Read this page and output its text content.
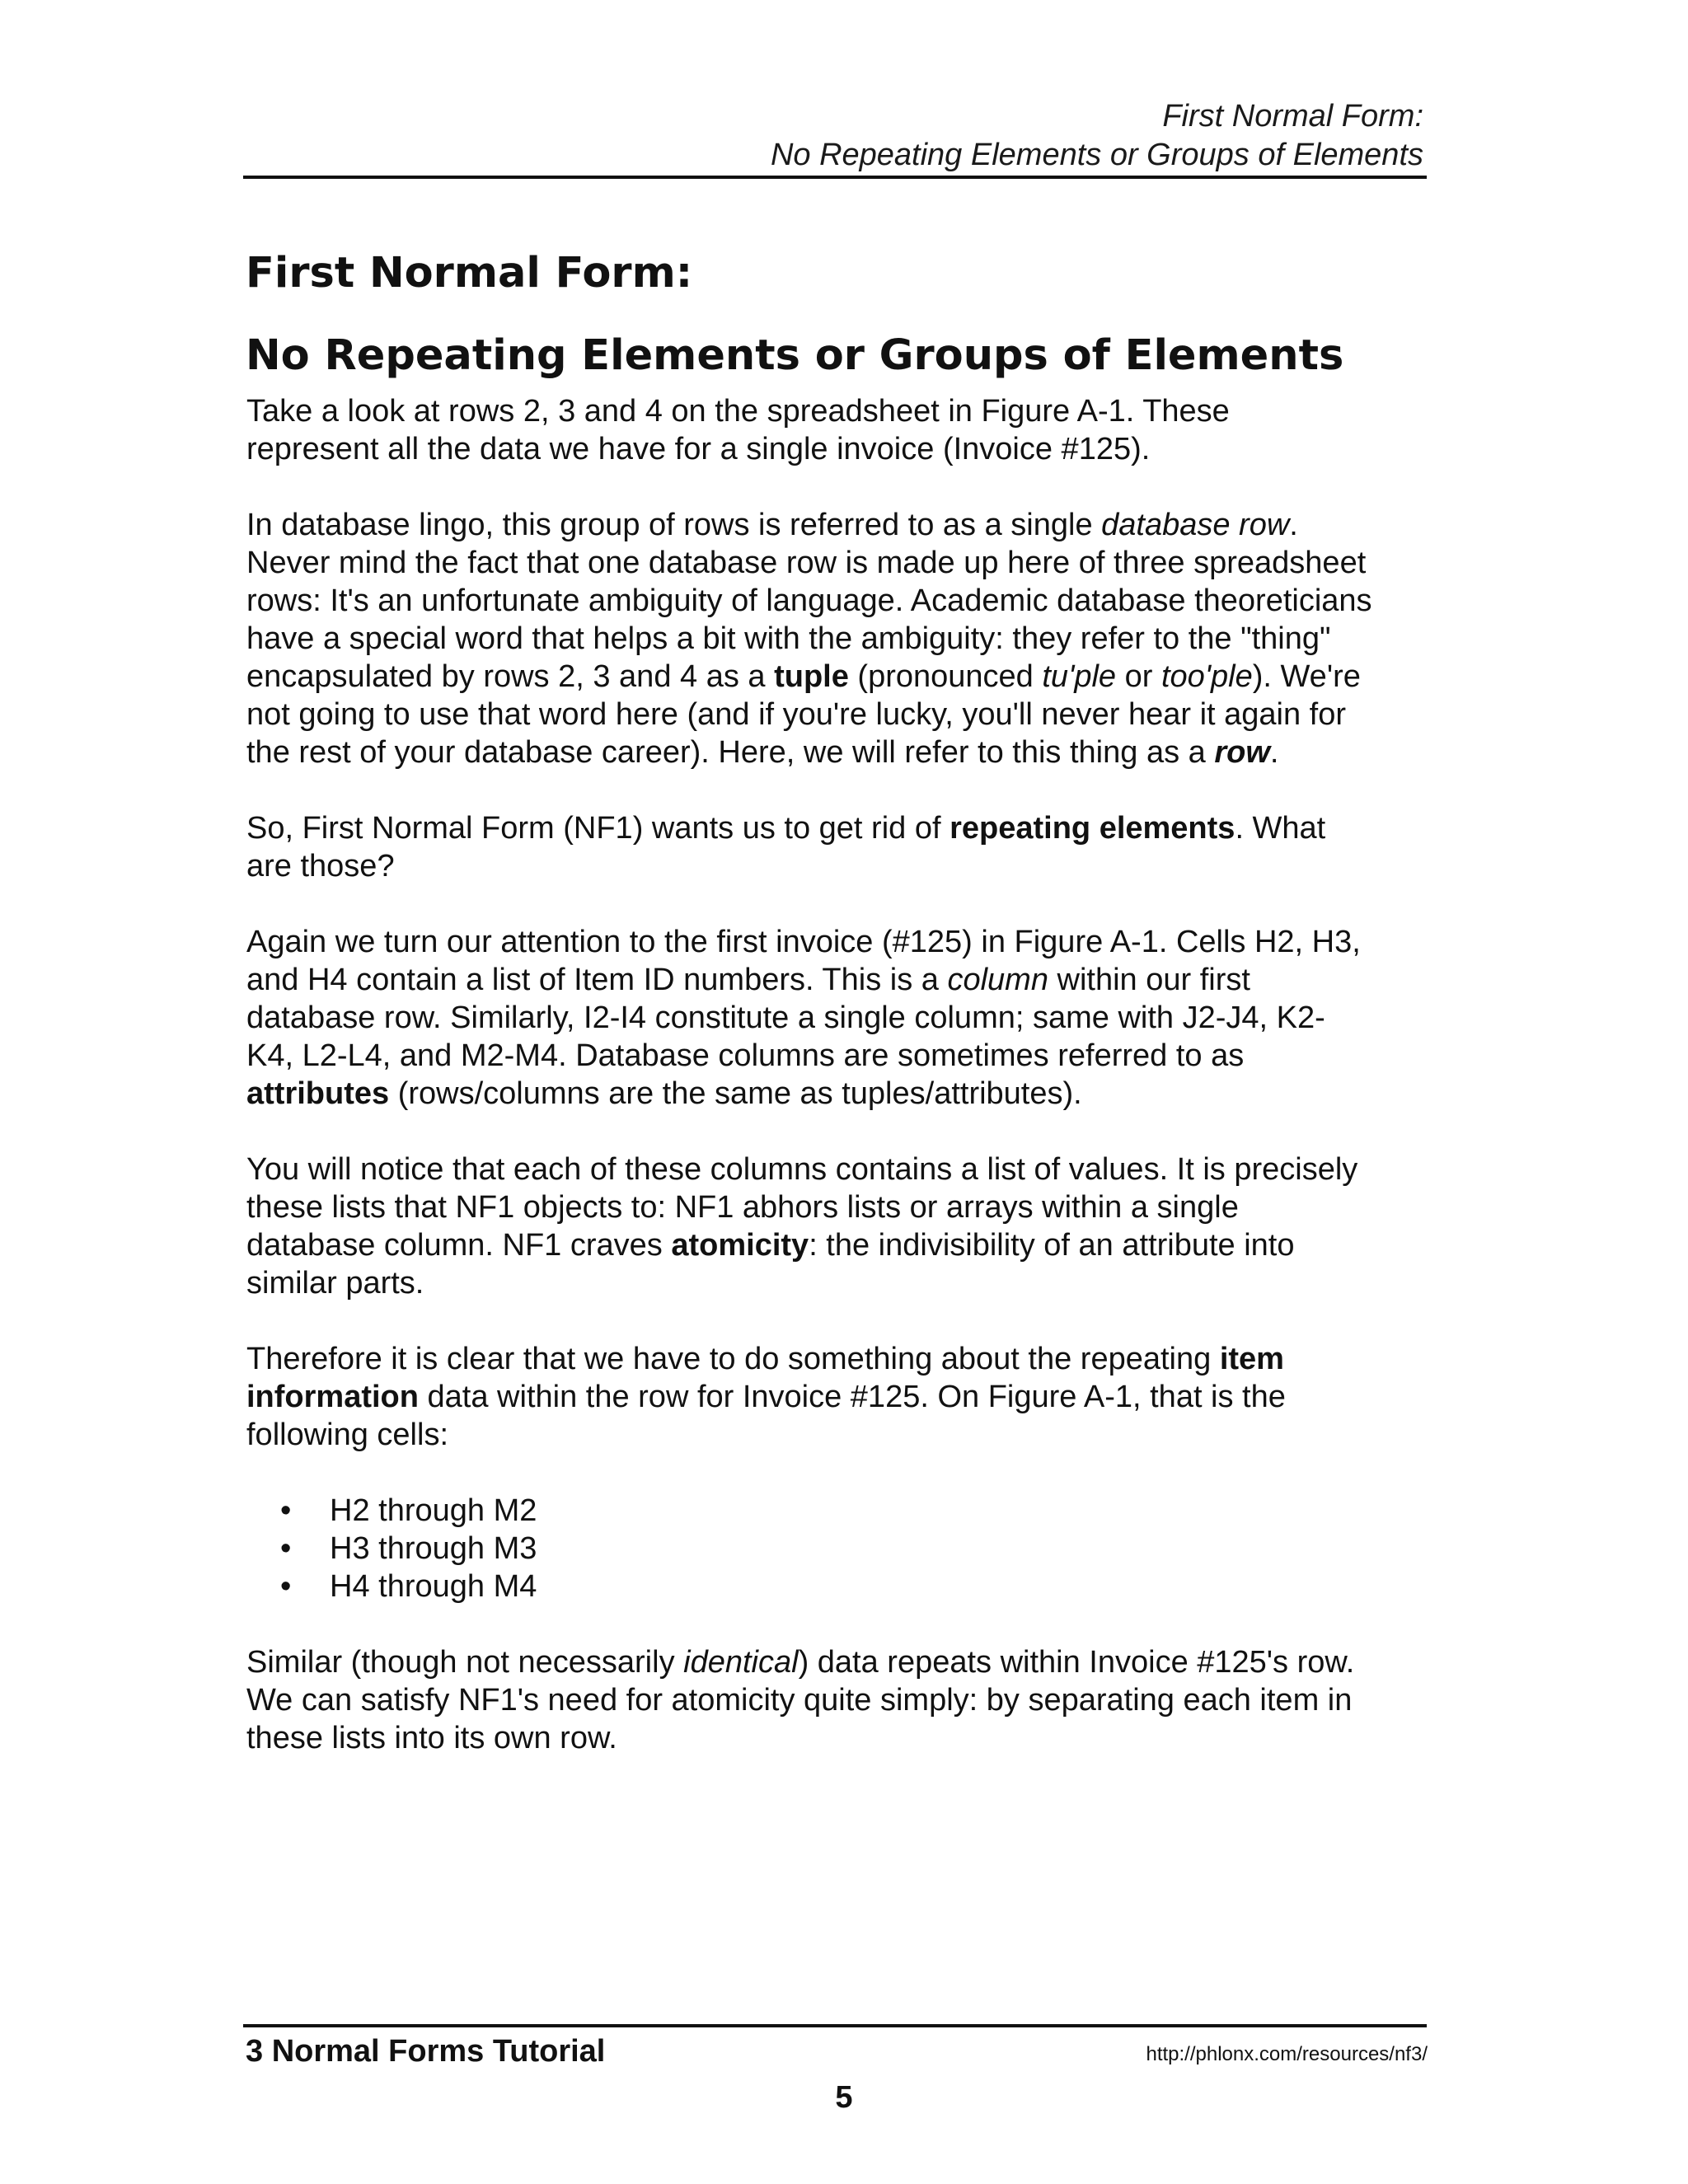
First Normal Form:
No Repeating Elements or Groups of Elements
First Normal Form:
No Repeating Elements or Groups of Elements

Take a look at rows 2, 3 and 4 on the spreadsheet in Figure A-1. These
represent all the data we have for a single invoice (Invoice #125).

In database lingo, this group of rows is referred to as a single database row.
Never mind the fact that one database row is made up here of three spreadsheet
rows: It's an unfortunate ambiguity of language. Academic database theoreticians
have a special word that helps a bit with the ambiguity: they refer to the "thing"
encapsulated by rows 2, 3 and 4 as a tuple (pronounced tu'ple or too'ple). We're
not going to use that word here (and if you're lucky, you'll never hear it again for
the rest of your database career). Here, we will refer to this thing as a row.

So, First Normal Form (NF1) wants us to get rid of repeating elements. What
are those?

Again we turn our attention to the first invoice (#125) in Figure A-1. Cells H2, H3,
and H4 contain a list of Item ID numbers. This is a column within our first
database row. Similarly, I2-I4 constitute a single column; same with J2-J4, K2-
K4, L2-L4, and M2-M4. Database columns are sometimes referred to as
attributes (rows/columns are the same as tuples/attributes).

You will notice that each of these columns contains a list of values. It is precisely
these lists that NF1 objects to: NF1 abhors lists or arrays within a single
database column. NF1 craves atomicity: the indivisibility of an attribute into
similar parts.

Therefore it is clear that we have to do something about the repeating item
information data within the row for Invoice #125. On Figure A-1, that is the
following cells:

• H2 through M2
• H3 through M3
• H4 through M4

Similar (though not necessarily identical) data repeats within Invoice #125's row.
We can satisfy NF1's need for atomicity quite simply: by separating each item in
these lists into its own row.

3 Normal Forms Tutorial	http://phlonx.com/resources/nf3/
5
